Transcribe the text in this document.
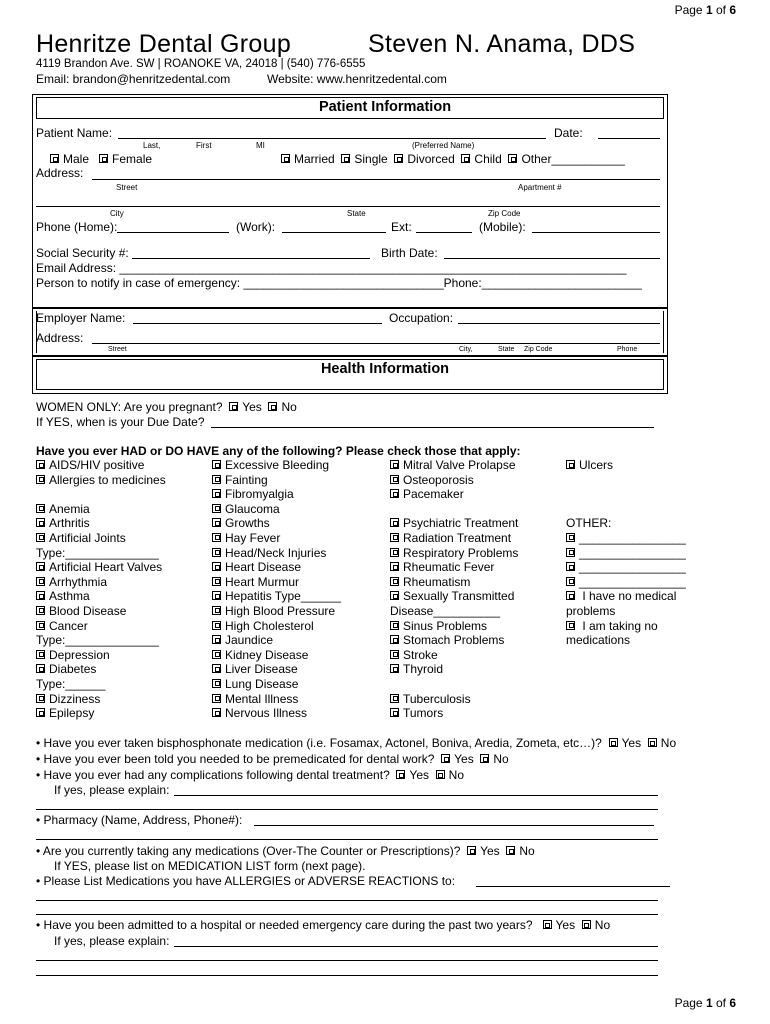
Page 1 of 6
Henritze Dental Group	Steven N. Anama, DDS
4119 Brandon Ave. SW | ROANOKE VA, 24018 | (540) 776-6555
Email: brandon@henritzedental.com	Website: www.henritzedental.com
Patient Information
Patient Name:	Date:
Last,	First	MI	(Preferred Name)
Male Female	Married Single Divorced Child Other___________
Address:
Street	Apartment #
City	State	Zip Code
Phone (Home):	(Work):	Ext:	(Mobile):
Social Security #:	Birth Date:
Email Address: ____________________________________________________________________________
Person to notify in case of emergency: ______________________________Phone:________________________
Employer Name:	Occupation:
Address:
Street	City,	State Zip Code	Phone
Health Information
WOMEN ONLY: Are you pregnant? Yes No
If YES, when is your Due Date?
Have you ever HAD or DO HAVE any of the following? Please check those that apply:
AIDS/HIV positive
Allergies to medicines
Anemia
Arthritis
Artificial Joints
Type:______________
Artificial Heart Valves
Arrhythmia
Asthma
Blood Disease
Cancer
Type:______________
Depression
Diabetes
Type:______
Dizziness
Epilepsy
Excessive Bleeding
Fainting
Fibromyalgia
Glaucoma
Growths
Hay Fever
Head/Neck Injuries
Heart Disease
Heart Murmur
Hepatitis Type______
High Blood Pressure
High Cholesterol
Jaundice
Kidney Disease
Liver Disease
Lung Disease
Mental Illness
Nervous Illness
Mitral Valve Prolapse
Osteoporosis
Pacemaker
Psychiatric Treatment
Radiation Treatment
Respiratory Problems
Rheumatic Fever
Rheumatism
Sexually Transmitted
Disease__________
Sinus Problems
Stomach Problems
Stroke
Thyroid
Tuberculosis
Tumors
Ulcers
OTHER:
________________
________________
________________
________________
I have no medical
problems
I am taking no
medications
• Have you ever taken bisphosphonate medication (i.e. Fosamax, Actonel, Boniva, Aredia, Zometa, etc…)? Yes No
• Have you ever been told you needed to be premedicated for dental work? Yes No
• Have you ever had any complications following dental treatment? Yes No
If yes, please explain:
• Pharmacy (Name, Address, Phone#):
• Are you currently taking any medications (Over-The Counter or Prescriptions)? Yes No
If YES, please list on MEDICATION LIST form (next page).
• Please List Medications you have ALLERGIES or ADVERSE REACTIONS to:
• Have you been admitted to a hospital or needed emergency care during the past two years? Yes No
If yes, please explain:
Page 1 of 6
